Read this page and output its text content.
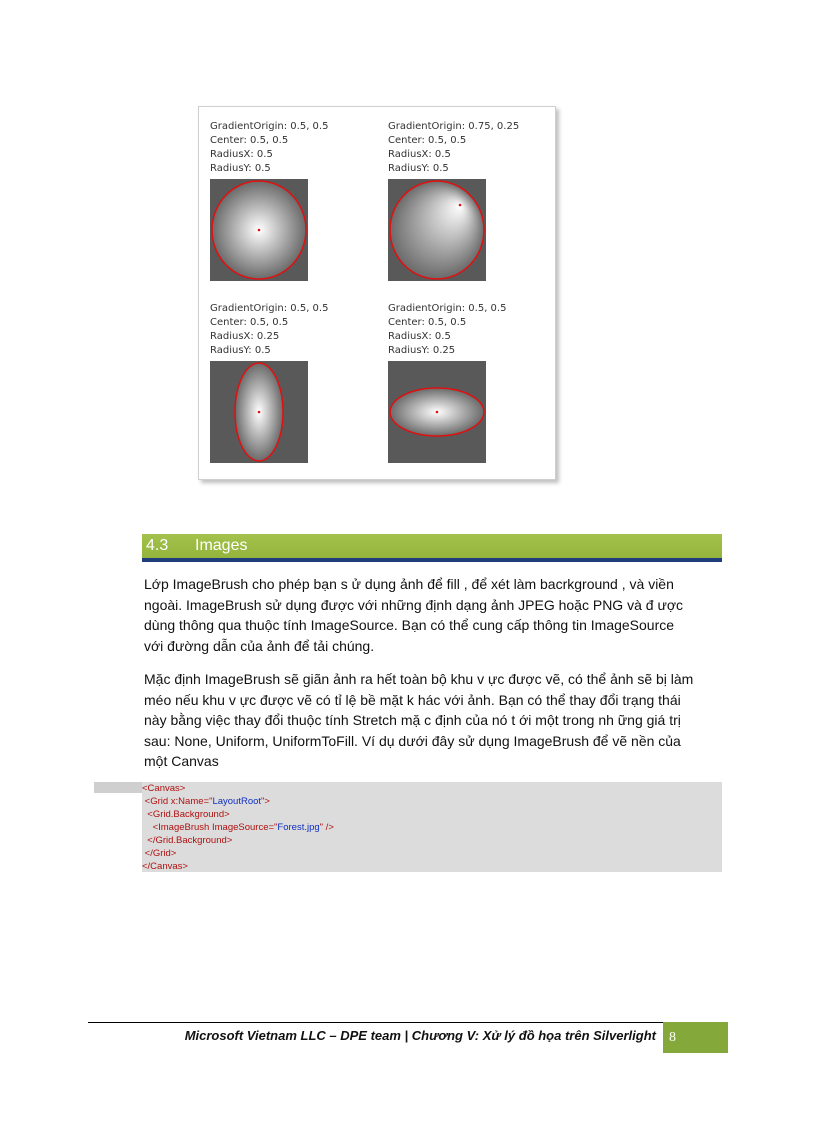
GradientOrigin: 0.5, 0.5
Center: 0.5, 0.5
RadiusX: 0.5
RadiusY: 0.5
GradientOrigin: 0.75, 0.25
Center: 0.5, 0.5
RadiusX: 0.5
RadiusY: 0.5
GradientOrigin: 0.5, 0.5
Center: 0.5, 0.5
RadiusX: 0.25
RadiusY: 0.5
GradientOrigin: 0.5, 0.5
Center: 0.5, 0.5
RadiusX: 0.5
RadiusY: 0.25
4.3 Images
Lớp ImageBrush cho phép bạn s ử dụng ảnh để fill , để xét làm bacrkground , và viền
ngoài. ImageBrush sử dụng được với những định dạng ảnh JPEG hoặc PNG và đ ược
dùng thông qua thuộc tính ImageSource. Bạn có thể cung cấp thông tin ImageSource
với đường dẫn của ảnh để tải chúng.
Mặc định ImageBrush sẽ giãn ảnh ra hết toàn bộ khu v ực được vẽ, có thể ảnh sẽ bị làm
méo nếu khu v ực được vẽ có tỉ lệ bề mặt k hác với ảnh. Bạn có thể thay đổi trạng thái
này bằng việc thay đổi thuộc tính Stretch mặ c định của nó t ới một trong nh ững giá trị
sau: None, Uniform, UniformToFill. Ví dụ dưới đây sử dụng ImageBrush để vẽ nền của
một Canvas
<Canvas>
<Grid x:Name="LayoutRoot">
<Grid.Background>
<ImageBrush ImageSource="Forest.jpg" />
</Grid.Background>
</Grid>
</Canvas>
Microsoft Vietnam LLC – DPE team | Chương V: Xử lý đồ họa trên Silverlight 8
